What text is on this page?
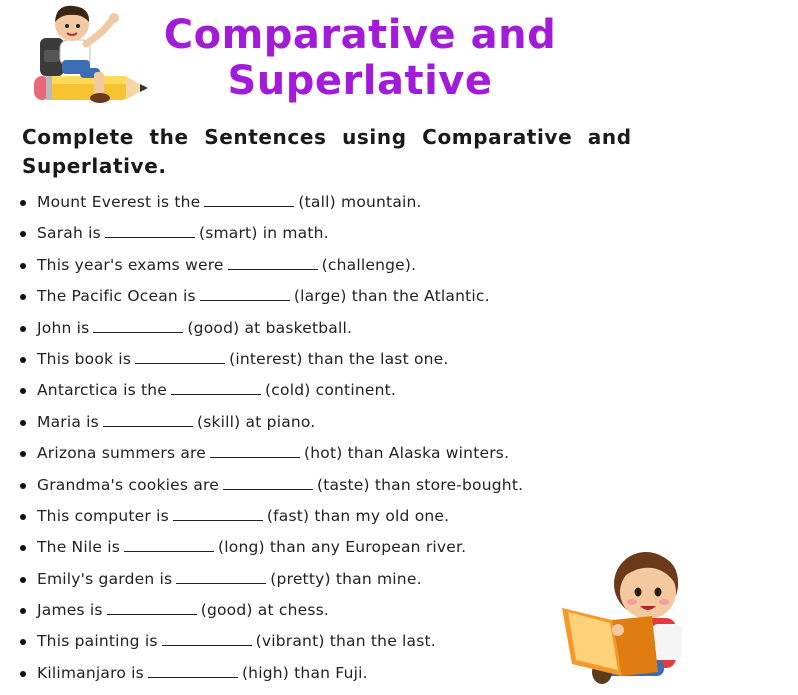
Comparative and
Superlative
Complete the Sentences using Comparative and Superlative.
Mount Everest is the	(tall) mountain.
Sarah is	(smart) in math.
This year's exams were	(challenge).
The Pacific Ocean is	(large) than the Atlantic.
John is	(good) at basketball.
This book is	(interest) than the last one.
Antarctica is the	(cold) continent.
Maria is	(skill) at piano.
Arizona summers are	(hot) than Alaska winters.
Grandma's cookies are	(taste) than store-bought.
This computer is	(fast) than my old one.
The Nile is	(long) than any European river.
Emily's garden is	(pretty) than mine.
James is	(good) at chess.
This painting is	(vibrant) than the last.
Kilimanjaro is	(high) than Fuji.
